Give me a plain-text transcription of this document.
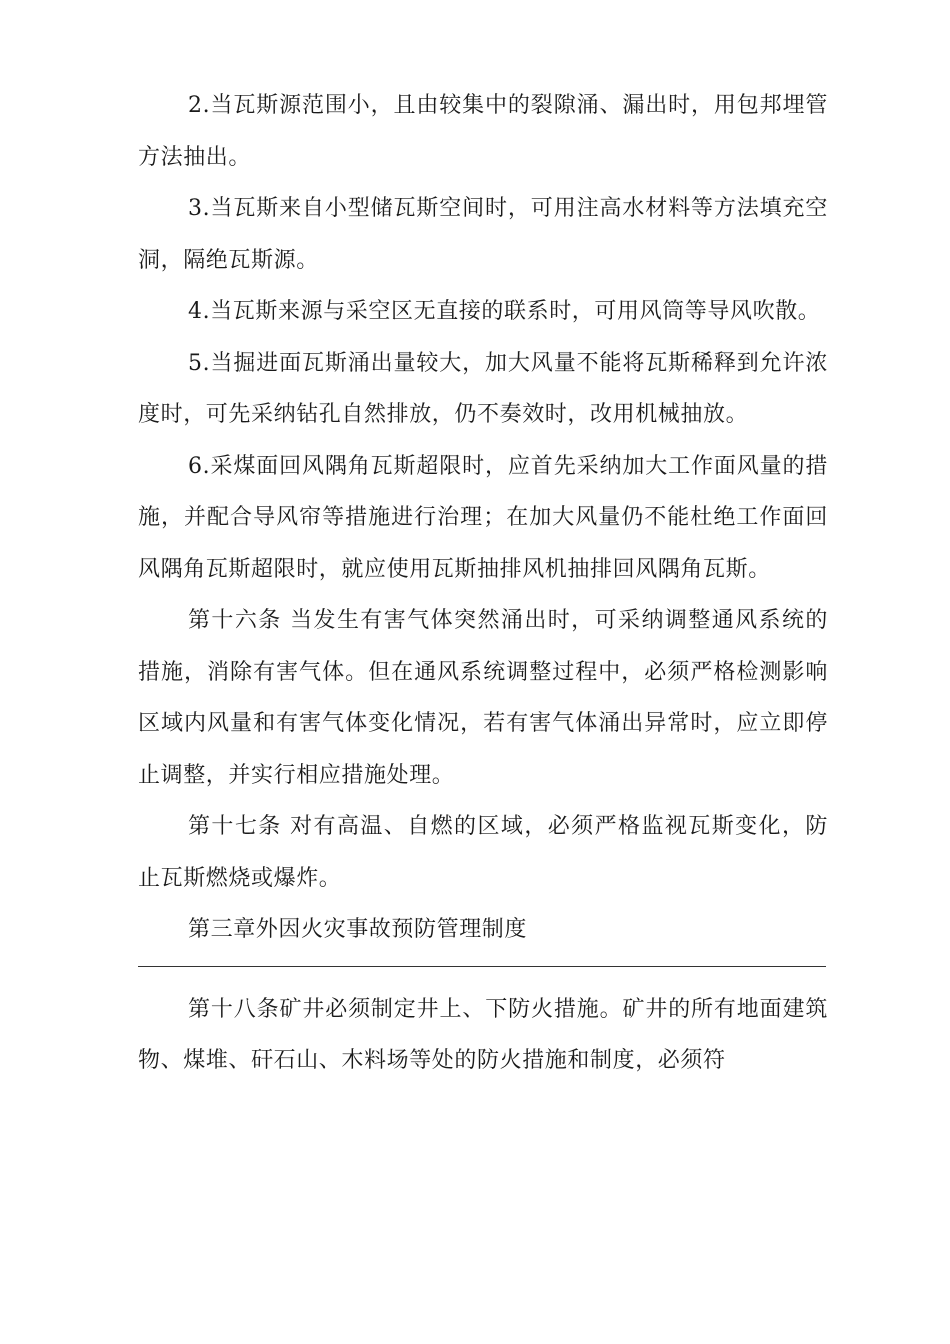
2.当瓦斯源范围小，且由较集中的裂隙涌、漏出时，用包邦埋管方法抽出。

3.当瓦斯来自小型储瓦斯空间时，可用注高水材料等方法填充空洞，隔绝瓦斯源。

4.当瓦斯来源与采空区无直接的联系时，可用风筒等导风吹散。

5.当掘进面瓦斯涌出量较大，加大风量不能将瓦斯稀释到允许浓度时，可先采纳钻孔自然排放，仍不奏效时，改用机械抽放。

6.采煤面回风隅角瓦斯超限时，应首先采纳加大工作面风量的措施，并配合导风帘等措施进行治理；在加大风量仍不能杜绝工作面回风隅角瓦斯超限时，就应使用瓦斯抽排风机抽排回风隅角瓦斯。

第十六条 当发生有害气体突然涌出时，可采纳调整通风系统的措施，消除有害气体。但在通风系统调整过程中，必须严格检测影响区域内风量和有害气体变化情况，若有害气体涌出异常时，应立即停止调整，并实行相应措施处理。

第十七条 对有高温、自燃的区域，必须严格监视瓦斯变化，防止瓦斯燃烧或爆炸。

第三章外因火灾事故预防管理制度

第十八条矿井必须制定井上、下防火措施。矿井的所有地面建筑物、煤堆、矸石山、木料场等处的防火措施和制度，必须符
